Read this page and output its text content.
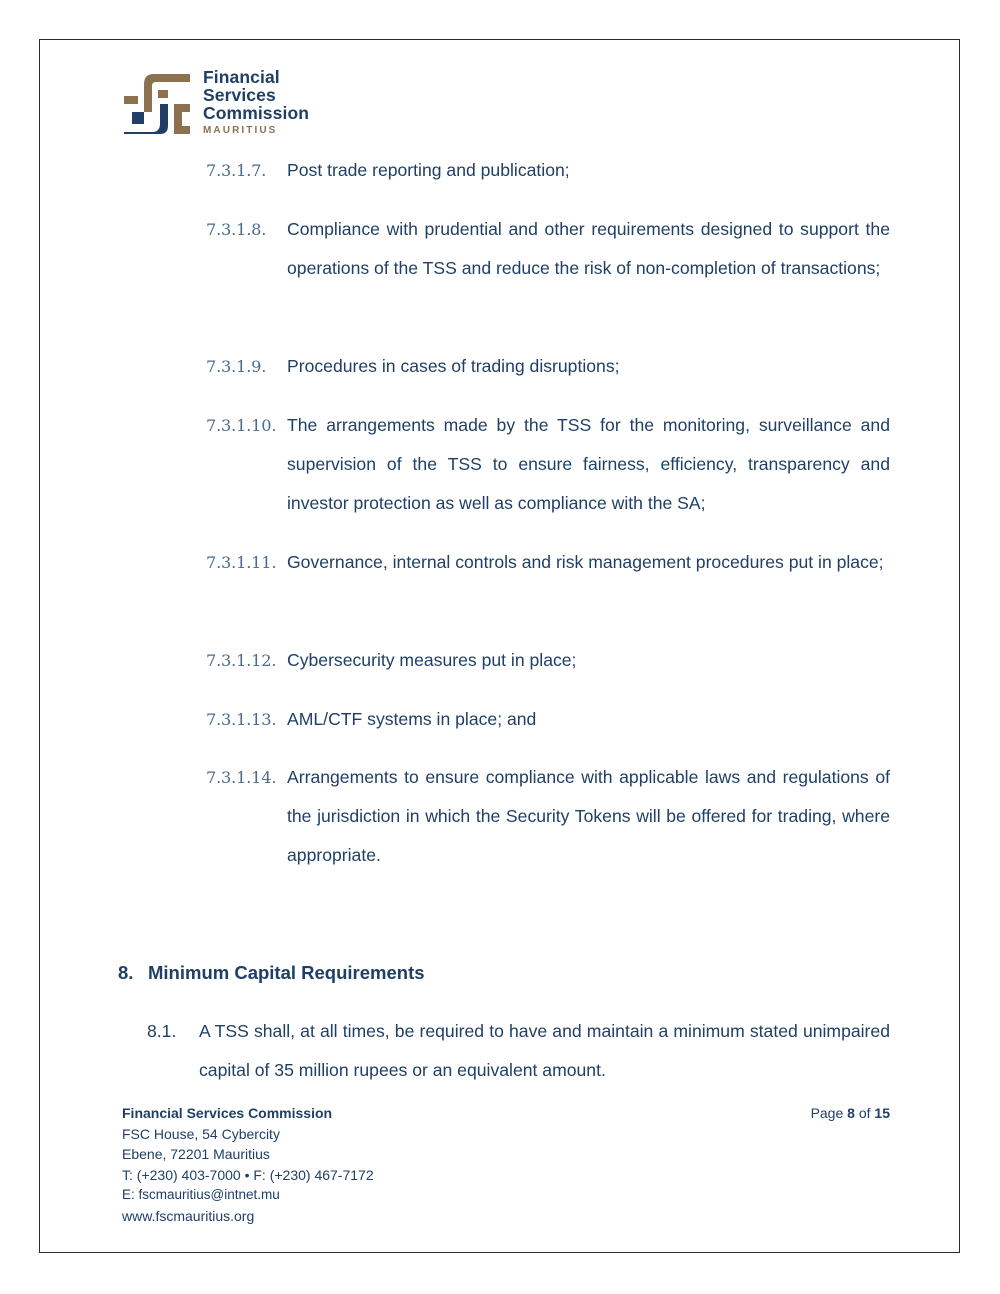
Financial
Services
Commission
MAURITIUS
7.3.1.7. Post trade reporting and publication;
7.3.1.8. Compliance with prudential and other requirements designed to support the operations of the TSS and reduce the risk of non-completion of transactions;
7.3.1.9. Procedures in cases of trading disruptions;
7.3.1.10. The arrangements made by the TSS for the monitoring, surveillance and supervision of the TSS to ensure fairness, efficiency, transparency and investor protection as well as compliance with the SA;
7.3.1.11. Governance, internal controls and risk management procedures put in place;
7.3.1.12. Cybersecurity measures put in place;
7.3.1.13. AML/CTF systems in place; and
7.3.1.14. Arrangements to ensure compliance with applicable laws and regulations of the jurisdiction in which the Security Tokens will be offered for trading, where appropriate.
8. Minimum Capital Requirements
8.1. A TSS shall, at all times, be required to have and maintain a minimum stated unimpaired capital of 35 million rupees or an equivalent amount.
Financial Services Commission
FSC House, 54 Cybercity
Ebene, 72201 Mauritius
T: (+230) 403-7000 • F: (+230) 467-7172
E: fscmauritius@intnet.mu
www.fscmauritius.org
Page 8 of 15
